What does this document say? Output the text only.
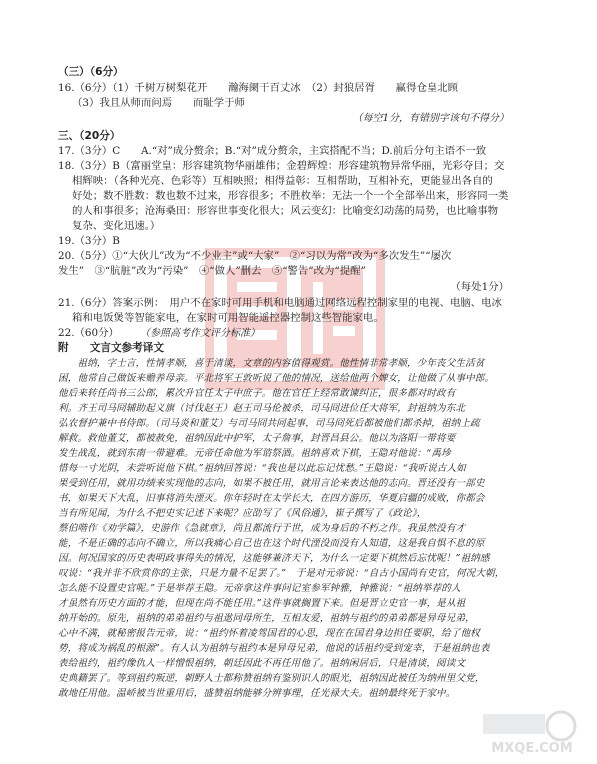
（三）（6分）
16.（6分）（1）千树万树梨花开　　瀚海阑干百丈冰　（2）封狼居胥　　赢得仓皇北顾
（3）我且从师而问焉　　而耻学于师
（每空1分，有错别字该句不得分）
三、（20分）
17.（3分）C　　A.“对”成分赘余；B.“对”成分赘余，主宾搭配不当；D.前后分句主语不一致
18.（3分）B（富丽堂皇：形容建筑物华丽雄伟；金碧辉煌：形容建筑物异常华丽，光彩夺目；交
相辉映：（各种光亮、色彩等）互相映照；相得益彰：互相帮助，互相补充，更能显出各自的
好处；数不胜数：数也数不过来，形容很多；不胜枚举：无法一个一个全部举出来，形容同一类
的人和事很多；沧海桑田：形容世事变化很大；风云变幻：比喻变幻动荡的局势，也比喻事物
复杂、变化迅速。）
19.（3分）B
20.（5分）①“大伙儿”改为“不少业主”或“大家”　②“习以为常”改为“多次发生”“屡次
发生”　③“肮脏”改为“污染”　④“做人”删去　⑤“警告”改为“提醒”
（每处1分）
21.（6分）答案示例：　用户不在家时可用手机和电脑通过网络远程控制家里的电视、电脑、电冰
箱和电饭煲等智能家电，在家时可用智能遥控器控制这些智能家电。
22.（60分） （参照高考作文评分标准）
附　　文言文参考译文
　　祖纳，字士言，性情孝顺，喜于清谈，文章的内容值得观赏。他性情非常孝顺，少年丧父生活贫
困，他常自己做饭来赡养母亲。平北将军王敦听说了他的情况，送给他两个婢女，让他做了从事中郎。
他后来转任尚书三公郎，累次升官任太子中庶子。他在官任上经常敢谏纠正，很多都对时政有
利。齐王司马冏辅助起义旗（讨伐赵王）赵王司马伦被杀，司马冏进位任大将军，封祖纳为东北
弘农督护兼中书侍郎。（司马炎和董艾）与司马冏共同起事，司马冏死后都被他们都杀掉，祖纳上疏
解救。救他董艾，都被赦免，祖纳因此中护军，太子詹事，封晋昌县公。他以为洛阳一带将要
发生战乱，就到东南一带避难。元帝任命他为军谘祭酒。祖纳喜欢下棋，王隐对他说：“禹珍
惜每一寸光阴，未尝听说他下棋。”祖纳回答说：“我也是以此忘记忧愁。”王隐说：“我听说古人如
果受到任用，就用功绩来实现他的志向，如果不被任用，就用言论来表达他的志向。晋还没有一部史
书，如果天下大乱，旧事将消失湮灭。你年轻时在太学长大，在四方游历，华夏启疆的成败，你都会
当有所见闻，为什么不把史实记述下来呢？应劭写了《风俗通》，崔子撰写了《政论》，
蔡伯喈作《劝学篇》，史游作《急就章》，尚且都流行于世，成为身后的不朽之作。我虽然没有才
能，不是正确的志向不确立，所以我痛心自己也在这个时代湮没而没有人知道，这是我自惧不息的原
因。何况国家的历史表明政事得失的情况，这能够兼济天下，为什么一定要下棋然后忘忧呢！”祖纳感
叹说：“我并非不欣赏你的主张，只是力量不足罢了。”　于是对元帝说：“自古小国尚有史官，何况大朝，
怎么能不设置史官呢。”于是举荐王隐。元帝拿这件事问记室参军钟雅，钟雅说：“祖纳举荐的人
才虽然有历史方面的才能，但现在尚不能任用。”这件事就搁置下来。但是晋立史官一事，是从祖
纳开始的。原先，祖纳的弟弟祖约与祖逖同母所生，互相友爱，祖纳与祖约的弟弟都是异母兄弟，
心中不满，就秘密报告元帝，说：“祖约怀着凌驾国君的心思，现在在国君身边担任要职，给了他权
势，将成为祸乱的根源”。有人认为祖纳与祖约本是异母兄弟，他说的话祖约受到宠幸，于是祖纳也表
表给祖约，祖约像仇人一样憎恨祖纳，朝廷因此不再任用他了。祖纳闲居后，只是清谈，阅读文
史典籍罢了。等到祖约叛逆，朝野人士都称赞祖纳有鉴别识人的眼光，祖纳因此被任为纳州里父党，
敢地任用他。温峤被当世重用后，盛赞祖纳能够分辨事理，任光禄大夫。祖纳最终死于家中。
MXQE.COM
